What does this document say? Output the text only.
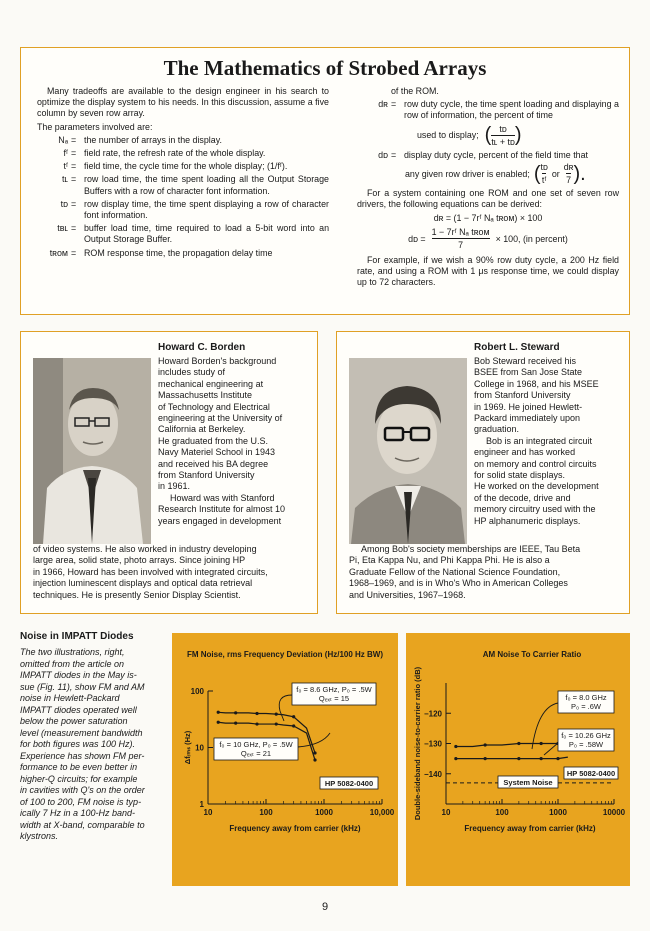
The Mathematics of Strobed Arrays
Many tradeoffs are available to the design engineer in his search to optimize the display system to his needs. In this discussion, assume a five column by seven row array.
The parameters involved are:
Nₐ = the number of arrays in the display.
fᶠ = field rate, the refresh rate of the whole display.
tᶠ = field time, the cycle time for the whole display; (1/fᶠ).
tʟ = row load time, the time spent loading all the Output Storage Buffers with a row of character font information.
tᴅ = row display time, the time spent displaying a row of character font information.
tʙʟ = buffer load time, time required to load a 5-bit word into an Output Storage Buffer.
tʀᴏᴍ = ROM response time, the propagation delay time
of the ROM.
dʀ = row duty cycle, the time spent loading and displaying a row of information, the percent of time
used to display; ( $\frac{\text{tᴅ}}{\text{tʟ + tᴅ}}$ )
dᴅ = display duty cycle, percent of the field time that
any given row driver is enabled; ( $\frac{\text{tᴅ}}{\text{tᶠ}}$ or $\frac{\text{dʀ}}{7}$ ).
For a system containing one ROM and one set of seven row drivers, the following equations can be derived:
dʀ = (1 − 7rᶠ Nₐ tʀᴏᴍ) × 100
dᴅ =
1 − 7rᶠ Nₐ tʀᴏᴍ
7
× 100, (in percent)
For example, if we wish a 90% row duty cycle, a 200 Hz field rate, and using a ROM with 1 μs response time, we could display up to 72 characters.
Howard C. Borden
Howard Borden's background
includes study of
mechanical engineering at
Massachusetts Institute
of Technology and Electrical
engineering at the University of
California at Berkeley.
He graduated from the U.S.
Navy Materiel School in 1943
and received his BA degree
from Stanford University
in 1961.
Howard was with Stanford
Research Institute for almost 10
years engaged in development
of video systems. He also worked in industry developing
large area, solid state, photo arrays. Since joining HP
in 1966, Howard has been involved with integrated circuits,
injection luminescent displays and optical data retrieval
techniques. He is presently Senior Display Scientist.
Robert L. Steward
Bob Steward received his
BSEE from San Jose State
College in 1968, and his MSEE
from Stanford University
in 1969. He joined Hewlett-
Packard immediately upon
graduation.
Bob is an integrated circuit
engineer and has worked
on memory and control circuits
for solid state displays.
He worked on the development
of the decode, drive and
memory circuitry used with the
HP alphanumeric displays.
Among Bob's society memberships are IEEE, Tau Beta
Pi, Eta Kappa Nu, and Phi Kappa Phi. He is also a
Graduate Fellow of the National Science Foundation,
1968–1969, and is in Who's Who in American Colleges
and Universities, 1967–1968.
Noise in IMPATT Diodes
The two illustrations, right,
omitted from the article on
IMPATT diodes in the May is-
sue (Fig. 11), show FM and AM
noise in Hewlett-Packard
IMPATT diodes operated well
below the power saturation
level (measurement bandwidth
for both figures was 100 Hz).
Experience has shown FM per-
formance to be even better in
higher-Q circuits; for example
in cavities with Q's on the order
of 100 to 200, FM noise is typ-
ically 7 Hz in a 100-Hz band-
width at X-band, comparable to
klystrons.
FM Noise, rms Frequency Deviation (Hz/100 Hz BW)
10	100	1000	10,000
1
10
100
Frequency away from carrier (kHz)
Δfᵣₘₛ (Hz)
f₀ = 8.6 GHz, P₀ = .5W
Qₑₓₜ = 15
f₀ = 10 GHz, P₀ = .5W
Qₑₓₜ = 21
HP 5082-0400
AM Noise To Carrier Ratio
10	100	1000	10000
−120
−130
−140
Frequency away from carrier (kHz)
Double-sideband noise-to-carrier ratio (dB)	f₀ = 8.0 GHz
P₀ = .6W
f₀ = 10.26 GHz
P₀ = .58W
System Noise
HP 5082-0400
9
